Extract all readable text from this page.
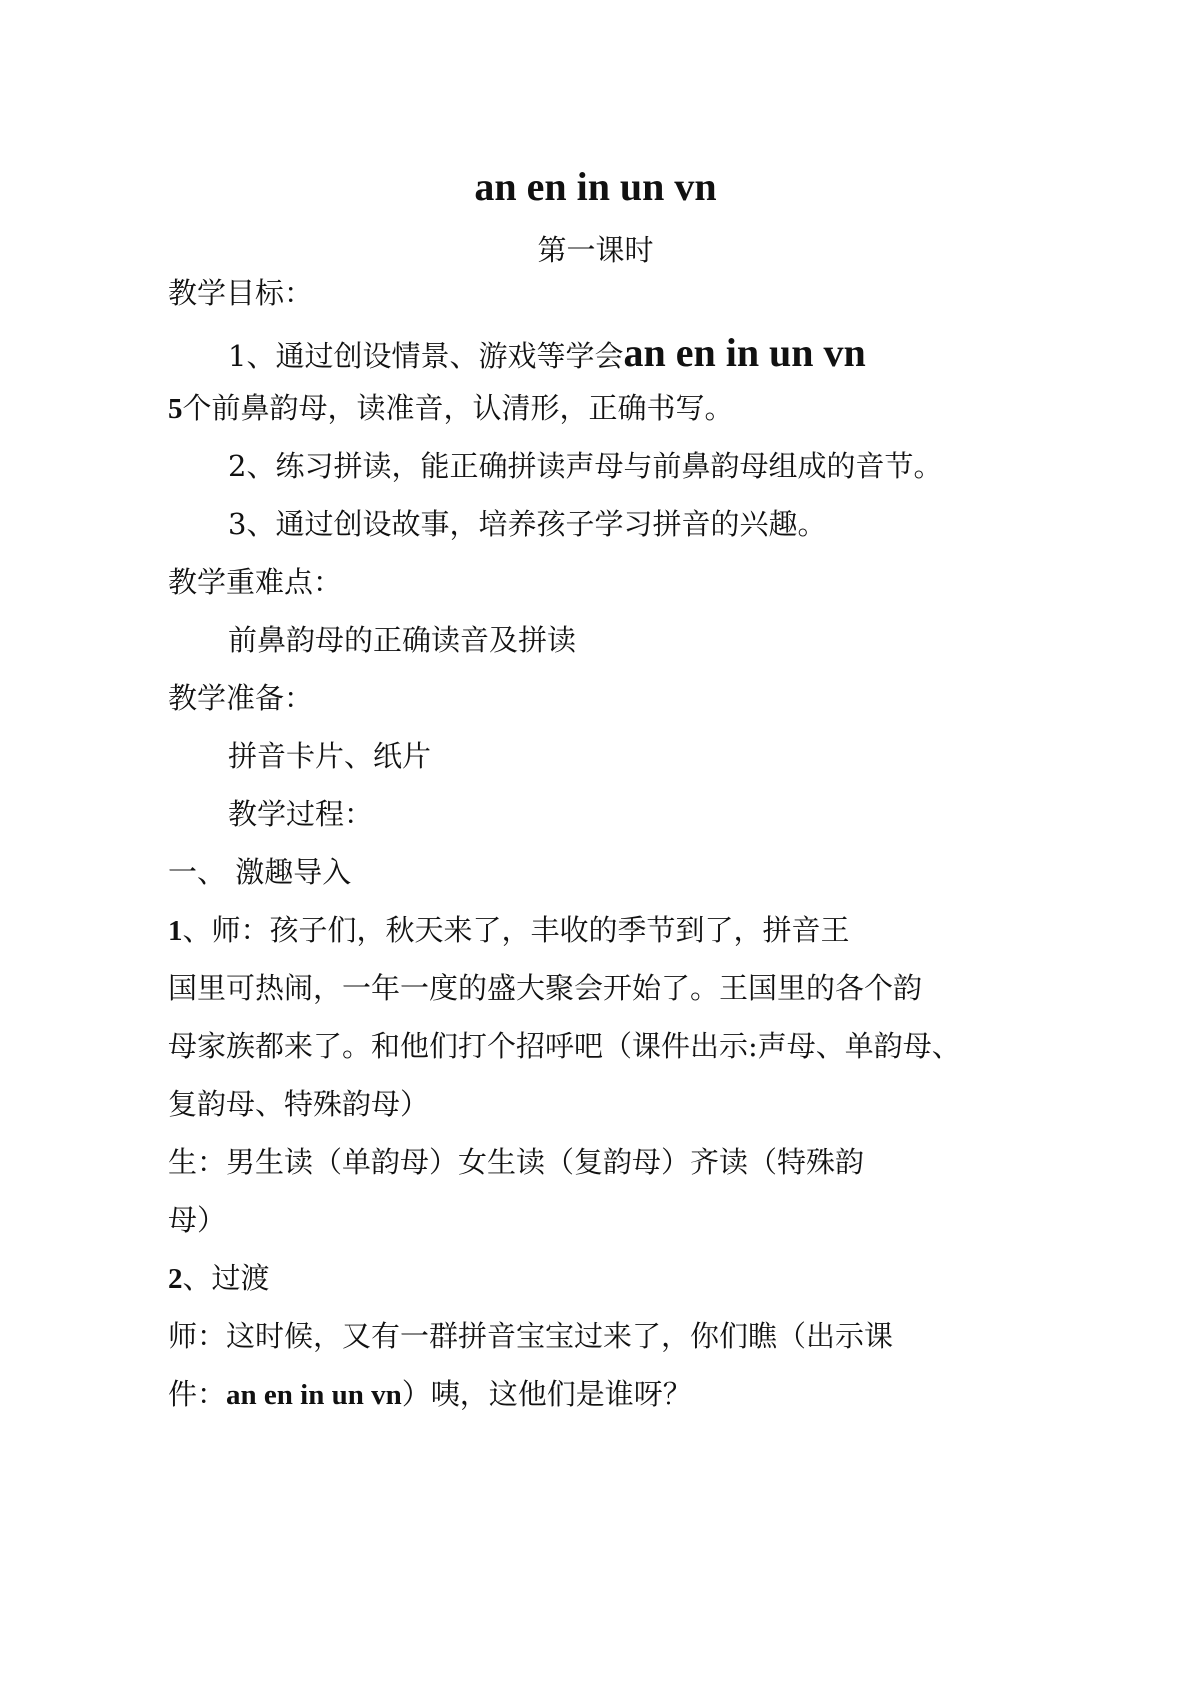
an en in un vn
第一课时
教学目标：
1、通过创设情景、游戏等学会an en in un vn
5个前鼻韵母，读准音，认清形，正确书写。
2、练习拼读，能正确拼读声母与前鼻韵母组成的音节。
3、通过创设故事，培养孩子学习拼音的兴趣。
教学重难点：
前鼻韵母的正确读音及拼读
教学准备：
拼音卡片、纸片
教学过程：
一、 激趣导入
1、师：孩子们，秋天来了，丰收的季节到了，拼音王
国里可热闹，一年一度的盛大聚会开始了。王国里的各个韵
母家族都来了。和他们打个招呼吧（课件出示:声母、单韵母、
复韵母、特殊韵母）
生：男生读（单韵母）女生读（复韵母）齐读（特殊韵
母）
2、过渡
师：这时候，又有一群拼音宝宝过来了，你们瞧（出示课
件：an en in un vn）咦，这他们是谁呀？
